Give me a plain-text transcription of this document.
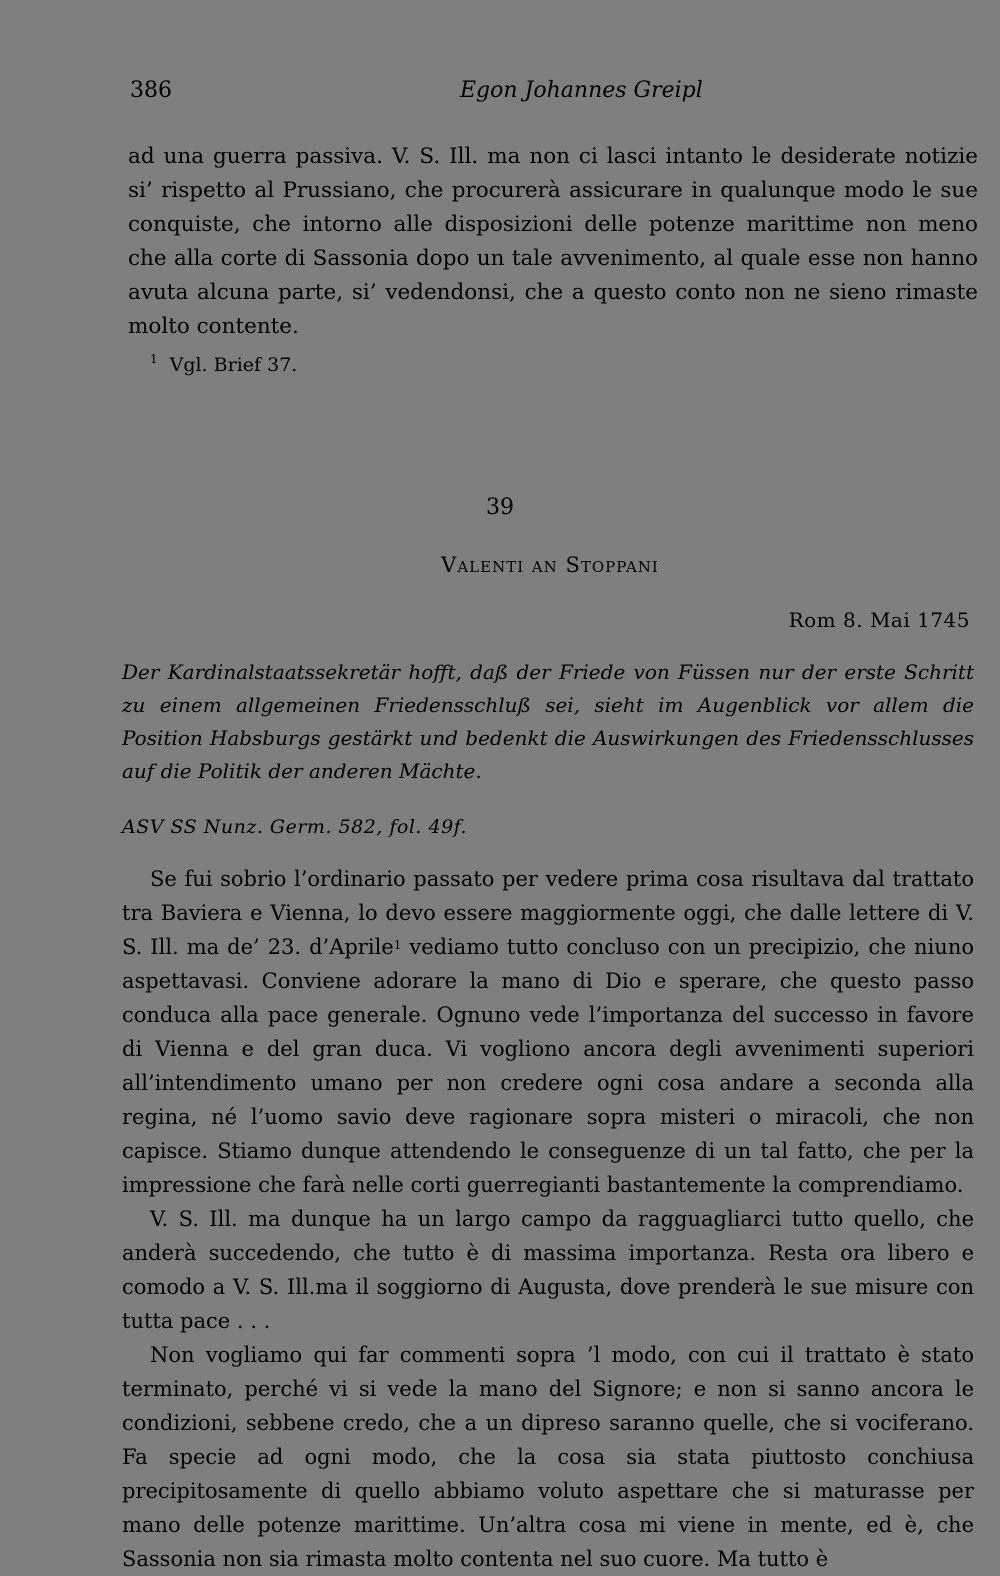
386	Egon Johannes Greipl

ad una guerra passiva. V. S. Ill. ma non ci lasci intanto le desiderate notizie si’ rispetto al Prussiano, che procurerà assicurare in qualunque modo le sue conquiste, che intorno alle disposizioni delle potenze marittime non meno che alla corte di Sassonia dopo un tale avvenimento, al quale esse non hanno avuta alcuna parte, si’ vedendonsi, che a questo conto non ne sieno rimaste molto contente.

$^1$ Vgl. Brief 37.
39
Valenti an Stoppani
Rom 8. Mai 1745
Der Kardinalstaatssekretär hofft, daß der Friede von Füssen nur der erste Schritt zu einem allgemeinen Friedensschluß sei, sieht im Augenblick vor allem die Position Habsburgs gestärkt und bedenkt die Auswirkungen des Friedensschlusses auf die Politik der anderen Mächte.
ASV SS Nunz. Germ. 582, fol. 49f.

Se fui sobrio l’ordinario passato per vedere prima cosa risultava dal trattato tra Baviera e Vienna, lo devo essere maggiormente oggi, che dalle lettere di V. S. Ill. ma de’ 23. d’Aprile$^1$ vediamo tutto concluso con un precipizio, che niuno aspettavasi. Conviene adorare la mano di Dio e sperare, che questo passo conduca alla pace generale. Ognuno vede l’importanza del successo in favore di Vienna e del gran duca. Vi vogliono ancora degli avvenimenti superiori all’intendimento umano per non credere ogni cosa andare a seconda alla regina, né l’uomo savio deve ragionare sopra misteri o miracoli, che non capisce. Stiamo dunque attendendo le conseguenze di un tal fatto, che per la impressione che farà nelle corti guerregianti bastantemente la comprendiamo.

V. S. Ill. ma dunque ha un largo campo da ragguagliarci tutto quello, che anderà succedendo, che tutto è di massima importanza. Resta ora libero e comodo a V. S. Ill.ma il soggiorno di Augusta, dove prenderà le sue misure con tutta pace . . .

Non vogliamo qui far commenti sopra ’l modo, con cui il trattato è stato terminato, perché vi si vede la mano del Signore; e non si sanno ancora le condizioni, sebbene credo, che a un dipreso saranno quelle, che si vociferano. Fa specie ad ogni modo, che la cosa sia stata piuttosto conchiusa precipitosamente di quello abbiamo voluto aspettare che si maturasse per mano delle potenze marittime. Un’altra cosa mi viene in mente, ed è, che Sassonia non sia rimasta molto contenta nel suo cuore. Ma tutto è
